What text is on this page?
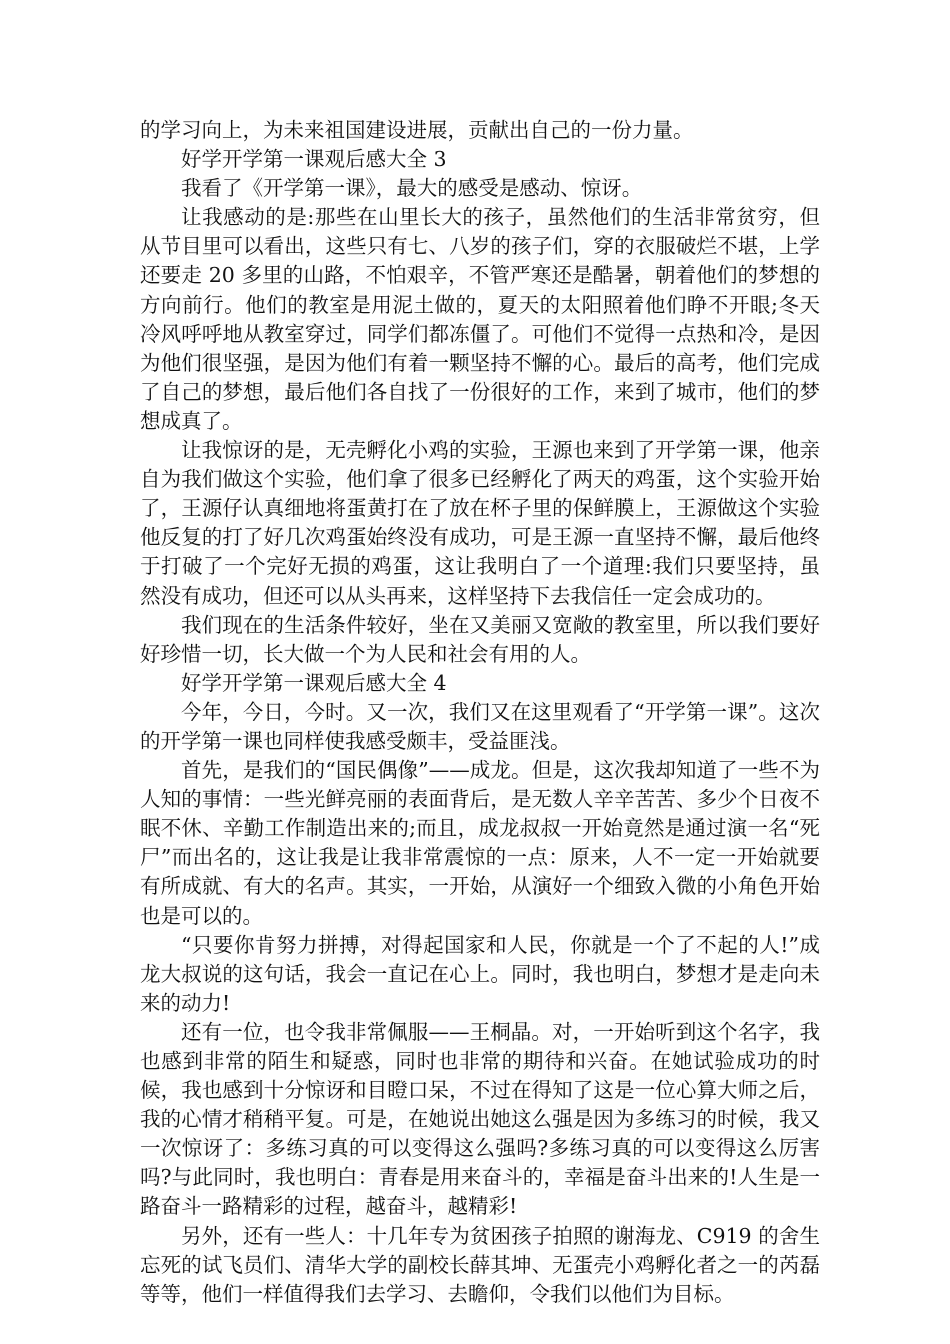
的学习向上，为未来祖国建设进展，贡献出自己的一份力量。

好学开学第一课观后感大全 3

我看了《开学第一课》，最大的感受是感动、惊讶。

让我感动的是:那些在山里长大的孩子，虽然他们的生活非常贫穷，但从节目里可以看出，这些只有七、八岁的孩子们，穿的衣服破烂不堪，上学还要走 20 多里的山路，不怕艰辛，不管严寒还是酷暑，朝着他们的梦想的方向前行。他们的教室是用泥土做的，夏天的太阳照着他们睁不开眼;冬天冷风呼呼地从教室穿过，同学们都冻僵了。可他们不觉得一点热和冷，是因为他们很坚强，是因为他们有着一颗坚持不懈的心。最后的高考，他们完成了自己的梦想，最后他们各自找了一份很好的工作，来到了城市，他们的梦想成真了。

让我惊讶的是，无壳孵化小鸡的实验，王源也来到了开学第一课，他亲自为我们做这个实验，他们拿了很多已经孵化了两天的鸡蛋，这个实验开始了，王源仔认真细地将蛋黄打在了放在杯子里的保鲜膜上，王源做这个实验他反复的打了好几次鸡蛋始终没有成功，可是王源一直坚持不懈，最后他终于打破了一个完好无损的鸡蛋，这让我明白了一个道理:我们只要坚持，虽然没有成功，但还可以从头再来，这样坚持下去我信任一定会成功的。

我们现在的生活条件较好，坐在又美丽又宽敞的教室里，所以我们要好好珍惜一切，长大做一个为人民和社会有用的人。

好学开学第一课观后感大全 4

今年，今日，今时。又一次，我们又在这里观看了“开学第一课”。这次的开学第一课也同样使我感受颇丰，受益匪浅。

首先，是我们的“国民偶像”——成龙。但是，这次我却知道了一些不为人知的事情：一些光鲜亮丽的表面背后，是无数人辛辛苦苦、多少个日夜不眠不休、辛勤工作制造出来的;而且，成龙叔叔一开始竟然是通过演一名“死尸”而出名的，这让我是让我非常震惊的一点：原来，人不一定一开始就要有所成就、有大的名声。其实，一开始，从演好一个细致入微的小角色开始也是可以的。

“只要你肯努力拼搏，对得起国家和人民，你就是一个了不起的人!”成龙大叔说的这句话，我会一直记在心上。同时，我也明白，梦想才是走向未来的动力!

还有一位，也令我非常佩服——王桐晶。对，一开始听到这个名字，我也感到非常的陌生和疑惑，同时也非常的期待和兴奋。在她试验成功的时候，我也感到十分惊讶和目瞪口呆，不过在得知了这是一位心算大师之后，我的心情才稍稍平复。可是，在她说出她这么强是因为多练习的时候，我又一次惊讶了：多练习真的可以变得这么强吗?多练习真的可以变得这么厉害吗?与此同时，我也明白：青春是用来奋斗的，幸福是奋斗出来的!人生是一路奋斗一路精彩的过程，越奋斗，越精彩!

另外，还有一些人：十几年专为贫困孩子拍照的谢海龙、C919 的舍生忘死的试飞员们、清华大学的副校长薛其坤、无蛋壳小鸡孵化者之一的芮磊等等，他们一样值得我们去学习、去瞻仰，令我们以他们为目标。
